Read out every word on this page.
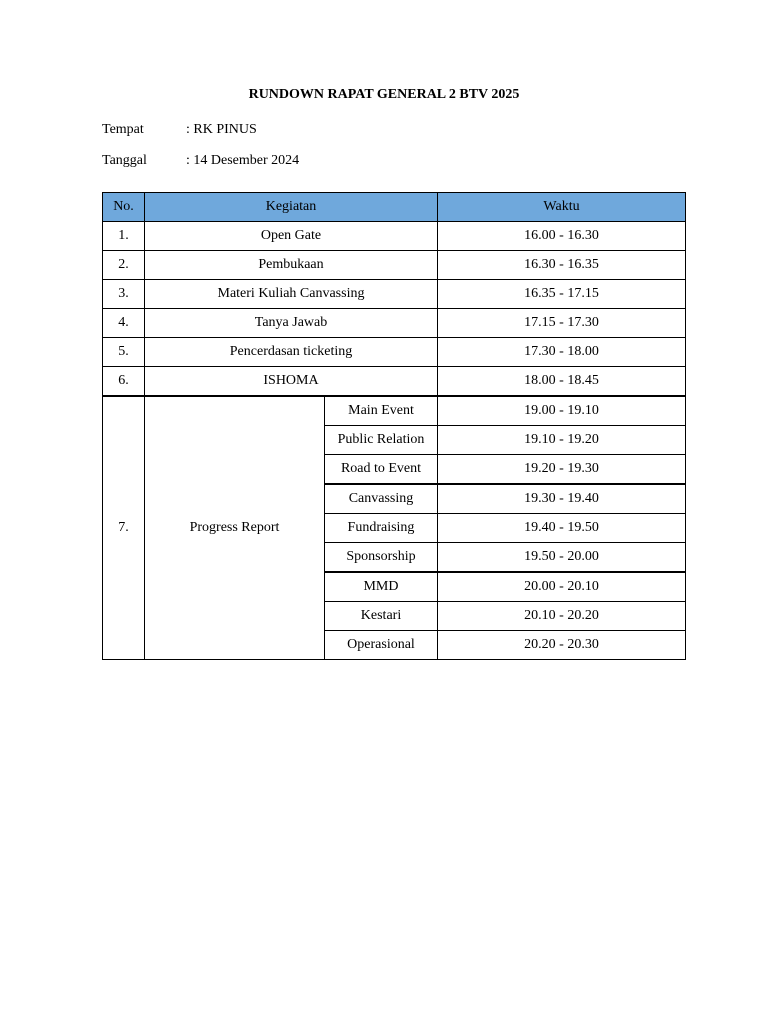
RUNDOWN RAPAT GENERAL 2 BTV 2025
Tempat	: RK PINUS
Tanggal	: 14 Desember 2024
No.	Kegiatan		Waktu
1.	Open Gate		16.00 - 16.30
2.	Pembukaan		16.30 - 16.35
3.	Materi Kuliah Canvassing		16.35 - 17.15
4.	Tanya Jawab		17.15 - 17.30
5.	Pencerdasan ticketing		17.30 - 18.00
6.	ISHOMA		18.00 - 18.45
7.	Progress Report	Main Event	19.00 - 19.10
		Public Relation	19.10 - 19.20
		Road to Event	19.20 - 19.30
		Canvassing	19.30 - 19.40
		Fundraising	19.40 - 19.50
		Sponsorship	19.50 - 20.00
		MMD	20.00 - 20.10
		Kestari	20.10 - 20.20
		Operasional	20.20 - 20.30
